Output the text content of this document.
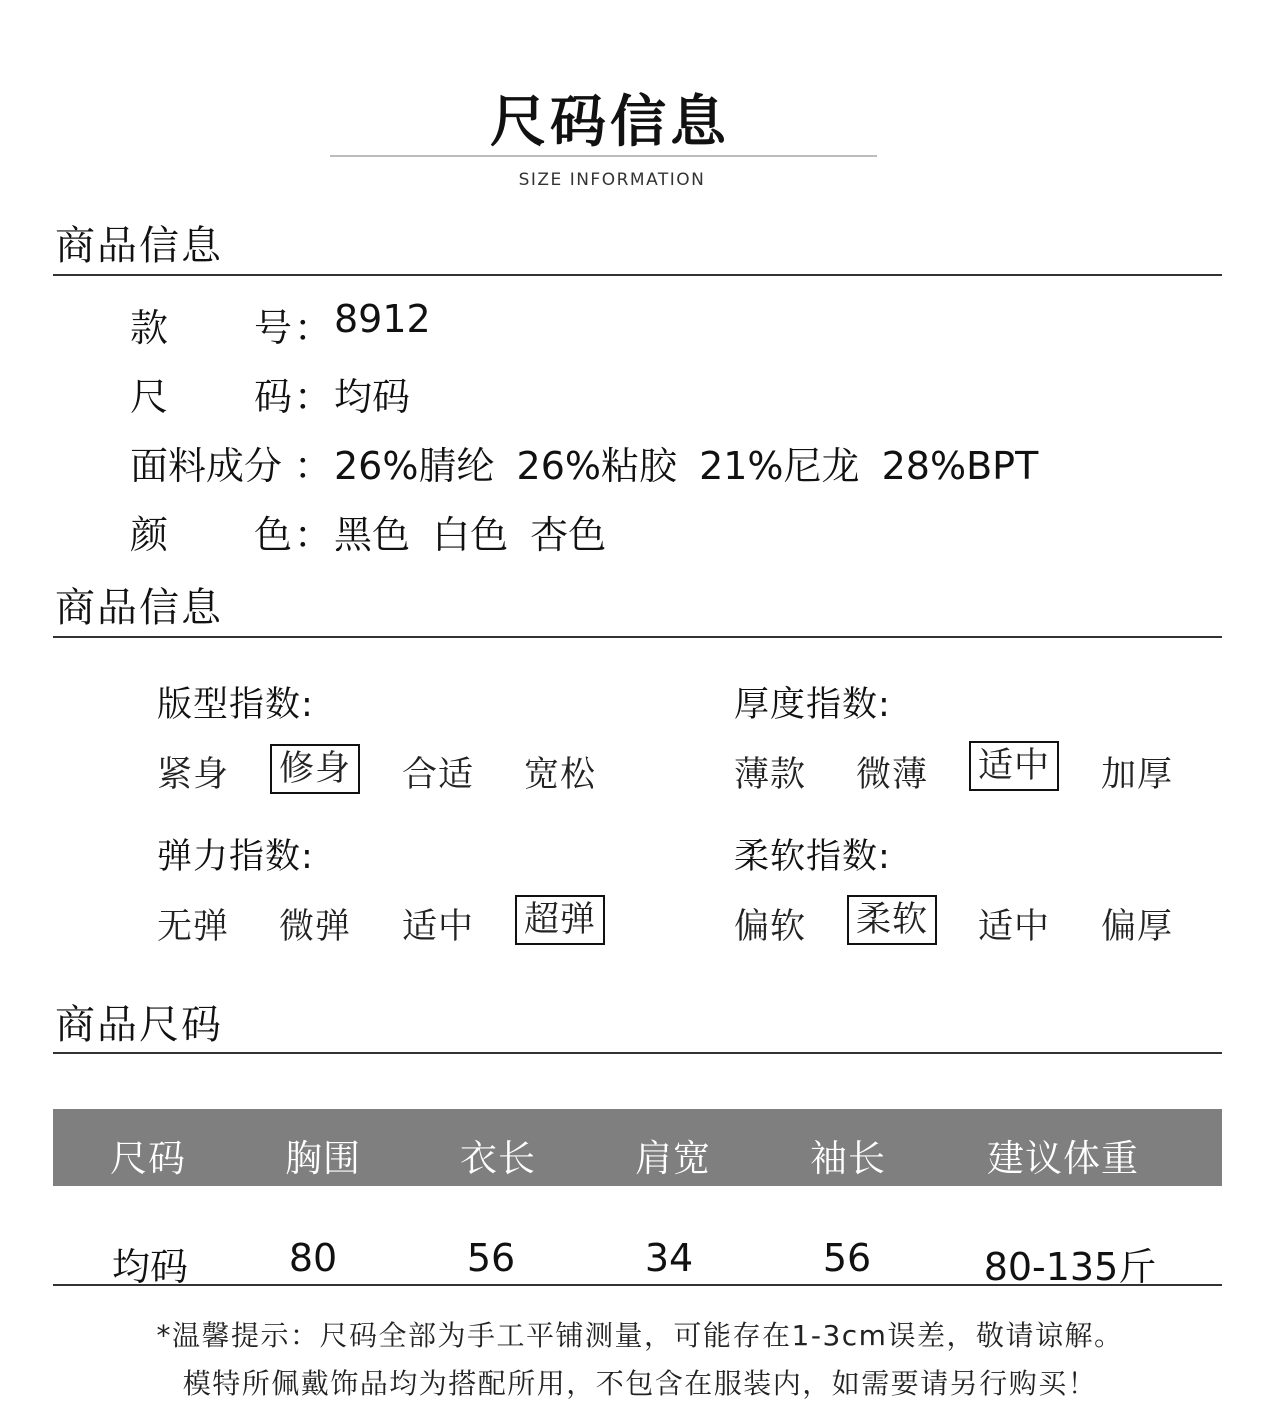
尺码信息
SIZE INFORMATION
商品信息
款 号 ： 8912
尺 码 ： 均码
面料成分 ： 26%腈纶 26%粘胶 21%尼龙 28%BPT
颜 色 ： 黑色 白色 杏色
商品信息
版型指数:
紧身 修身 合适 宽松
厚度指数:
薄款 微薄 适中 加厚
弹力指数:
无弹 微弹 适中 超弹
柔软指数:
偏软 柔软 适中 偏厚
商品尺码
尺码	胸围	衣长	肩宽	袖长	建议体重
均码	80	56	34	56	80-135斤
*温馨提示：尺码全部为手工平铺测量，可能存在1-3cm误差，敬请谅解。
模特所佩戴饰品均为搭配所用，不包含在服装内，如需要请另行购买！
